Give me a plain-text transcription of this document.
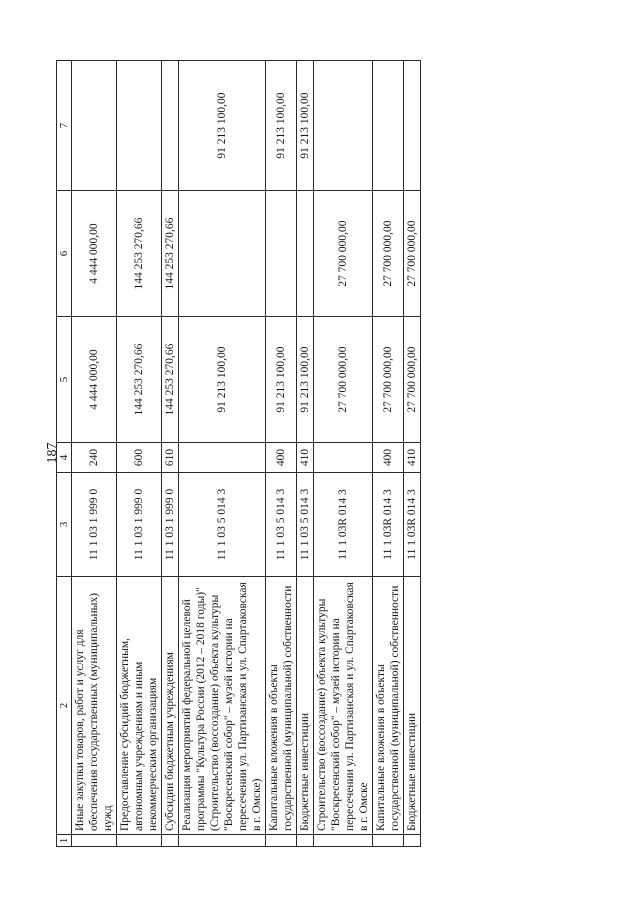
187
1	2	3	4	5	6	7
	Иные закупки товаров, работ и услуг для обеспечения государственных (муниципальных) нужд	11 1 03 1 999 0	240	4 444 000,00	4 444 000,00	
	Предоставление субсидий бюджетным, автономным учреждениям и иным некоммерческим организациям	11 1 03 1 999 0	600	144 253 270,66	144 253 270,66	
	Субсидии бюджетным учреждениям	11 1 03 1 999 0	610	144 253 270,66	144 253 270,66	
	Реализация мероприятий федеральной целевой программы "Культура России (2012 – 2018 годы)" (Строительство (воссоздание) объекта культуры "Воскресенский собор" – музей истории на пересечении ул. Партизанская и ул. Спартаковская в г. Омске)	11 1 03 5 014 3		91 213 100,00		91 213 100,00
	Капитальные вложения в объекты государственной (муниципальной) собственности	11 1 03 5 014 3	400	91 213 100,00		91 213 100,00
	Бюджетные инвестиции	11 1 03 5 014 3	410	91 213 100,00		91 213 100,00
	Строительство (воссоздание) объекта культуры "Воскресенский собор" – музей истории на пересечении ул. Партизанская и ул. Спартаковская в г. Омске	11 1 03R 014 3		27 700 000,00	27 700 000,00	
	Капитальные вложения в объекты государственной (муниципальной) собственности	11 1 03R 014 3	400	27 700 000,00	27 700 000,00	
	Бюджетные инвестиции	11 1 03R 014 3	410	27 700 000,00	27 700 000,00	
